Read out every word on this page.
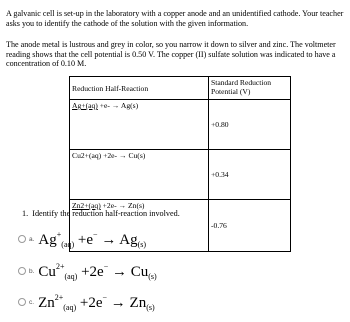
A galvanic cell is set-up in the laboratory with a copper anode and an unidentified cathode. Your teacher asks you to identify the cathode of the solution with the given information.

The anode metal is lustrous and grey in color, so you narrow it down to silver and zinc. The voltmeter reading shows that the cell potential is 0.50 V. The copper (II) sulfate solution was indicated to have a concentration of 0.10 M.

Reduction Half-Reaction	Standard Reduction Potential (V)
Ag+(aq) +e- → Ag(s)	+0.80
Cu2+(aq) +2e- → Cu(s)	+0.34
Zn2+(aq) +2e- → Zn(s)	-0.76
1. Identify the reduction half-reaction involved.
a. $Ag^+_{(aq)} +e^- \to Ag_{(s)}$
b. $Cu^{2+}_{(aq)} +2e^- \to Cu_{(s)}$
c. $Zn^{2+}_{(aq)} +2e^- \to Zn_{(s)}$
